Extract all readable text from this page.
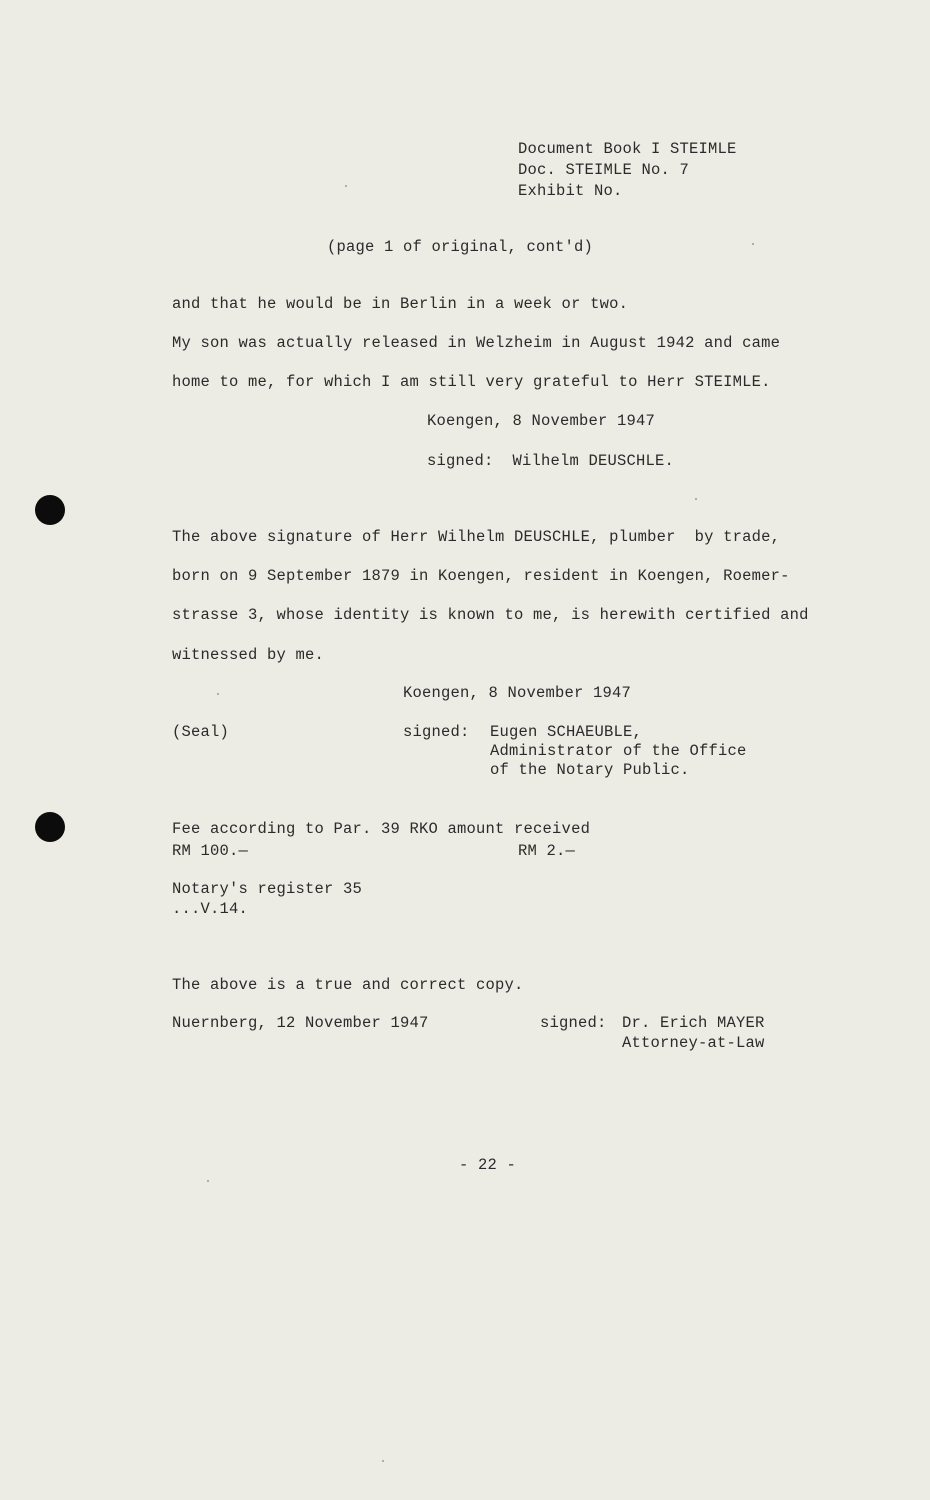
Document Book I STEIMLE
Doc. STEIMLE No. 7
Exhibit No.
(page 1 of original, cont'd)
and that he would be in Berlin in a week or two.
My son was actually released in Welzheim in August 1942 and came
home to me, for which I am still very grateful to Herr STEIMLE.
Koengen, 8 November 1947
signed:  Wilhelm DEUSCHLE.
The above signature of Herr Wilhelm DEUSCHLE, plumber  by trade,
born on 9 September 1879 in Koengen, resident in Koengen, Roemer-
strasse 3, whose identity is known to me, is herewith certified and
witnessed by me.
Koengen, 8 November 1947
(Seal)	signed: Eugen SCHAEUBLE,
Administrator of the Office
of the Notary Public.
Fee according to Par. 39 RKO amount received
RM 100.—	RM 2.—
Notary's register 35
...V.14.
The above is a true and correct copy.
Nuernberg, 12 November 1947	signed: Dr. Erich MAYER
Attorney-at-Law
- 22 -
